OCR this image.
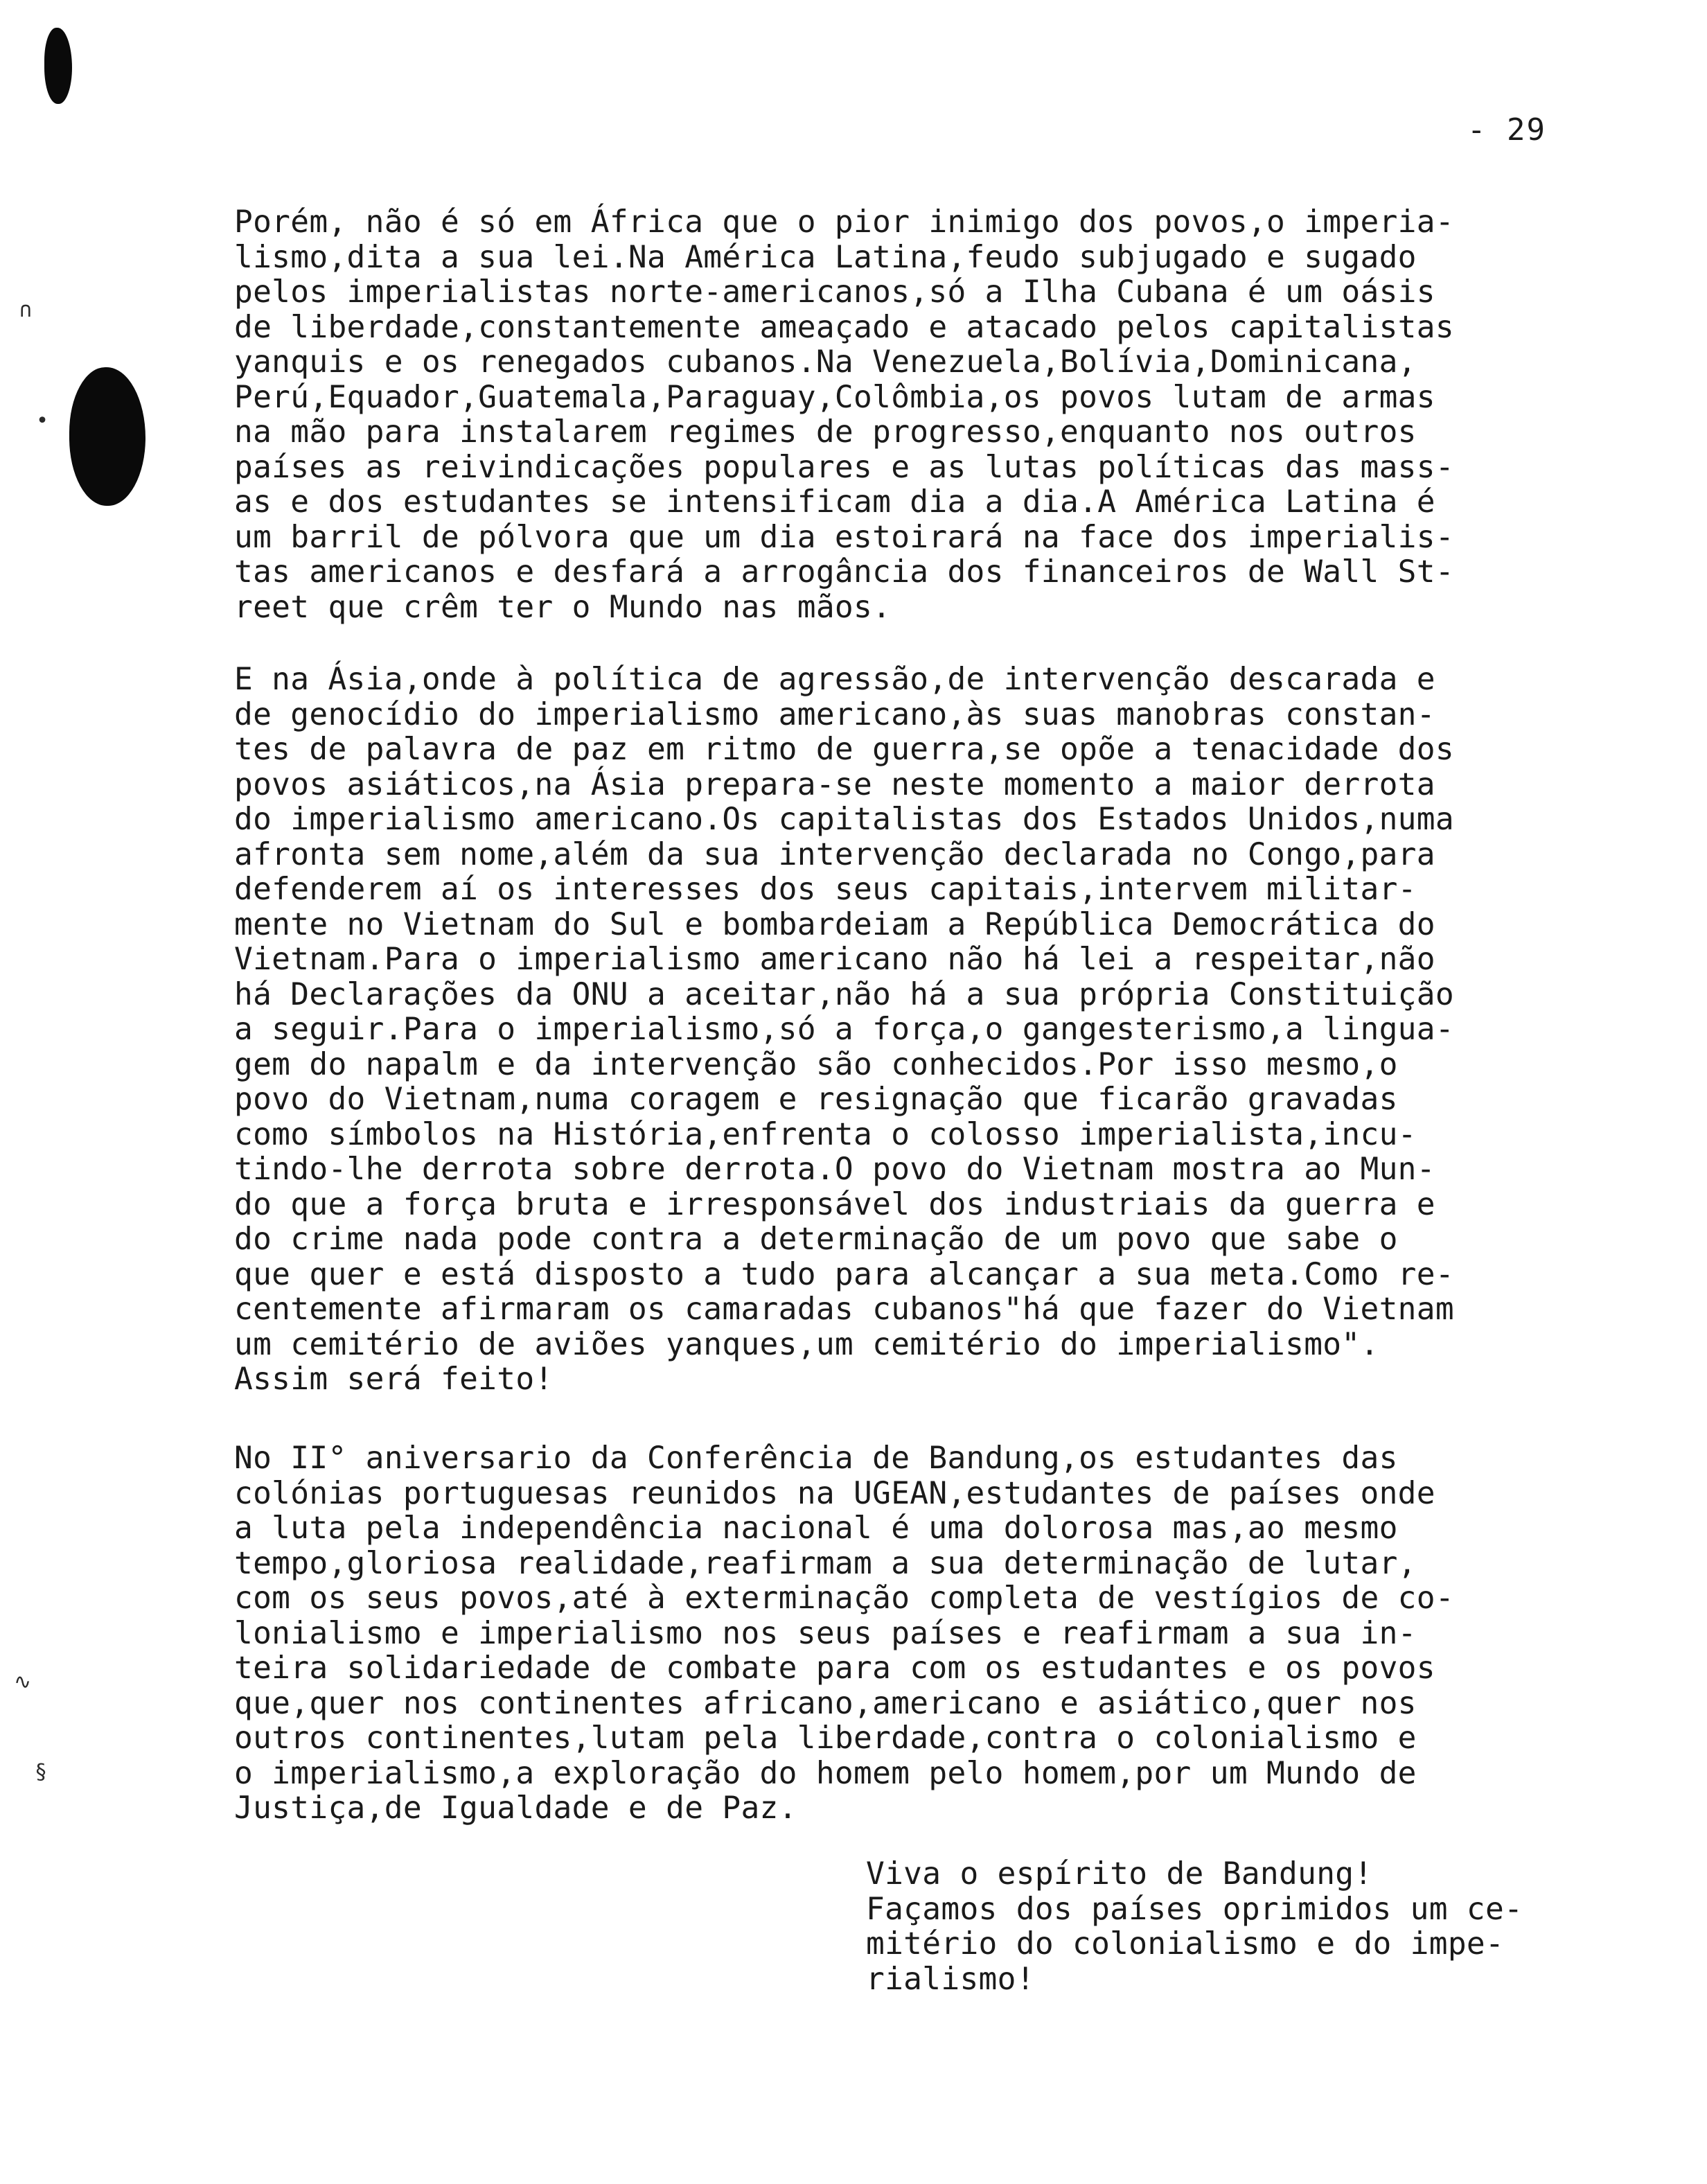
∩
•
∿
§
- 29
Porém, não é só em África que o pior inimigo dos povos,o imperia-
lismo,dita a sua lei.Na América Latina,feudo subjugado e sugado
pelos imperialistas norte-americanos,só a Ilha Cubana é um oásis
de liberdade,constantemente ameaçado e atacado pelos capitalistas
yanquis e os renegados cubanos.Na Venezuela,Bolívia,Dominicana,
Perú,Equador,Guatemala,Paraguay,Colômbia,os povos lutam de armas
na mão para instalarem regimes de progresso,enquanto nos outros
países as reivindicações populares e as lutas políticas das mass-
as e dos estudantes se intensificam dia a dia.A América Latina é
um barril de pólvora que um dia estoirará na face dos imperialis-
tas americanos e desfará a arrogância dos financeiros de Wall St-
reet que crêm ter o Mundo nas mãos.
E na Ásia,onde à política de agressão,de intervenção descarada e
de genocídio do imperialismo americano,às suas manobras constan-
tes de palavra de paz em ritmo de guerra,se opõe a tenacidade dos
povos asiáticos,na Ásia prepara-se neste momento a maior derrota
do imperialismo americano.Os capitalistas dos Estados Unidos,numa
afronta sem nome,além da sua intervenção declarada no Congo,para
defenderem aí os interesses dos seus capitais,intervem militar-
mente no Vietnam do Sul e bombardeiam a República Democrática do
Vietnam.Para o imperialismo americano não há lei a respeitar,não
há Declarações da ONU a aceitar,não há a sua própria Constituição
a seguir.Para o imperialismo,só a força,o gangesterismo,a lingua-
gem do napalm e da intervenção são conhecidos.Por isso mesmo,o
povo do Vietnam,numa coragem e resignação que ficarão gravadas
como símbolos na História,enfrenta o colosso imperialista,incu-
tindo-lhe derrota sobre derrota.O povo do Vietnam mostra ao Mun-
do que a força bruta e irresponsável dos industriais da guerra e
do crime nada pode contra a determinação de um povo que sabe o
que quer e está disposto a tudo para alcançar a sua meta.Como re-
centemente afirmaram os camaradas cubanos"há que fazer do Vietnam
um cemitério de aviões yanques,um cemitério do imperialismo".
Assim será feito!
No II° aniversario da Conferência de Bandung,os estudantes das
colónias portuguesas reunidos na UGEAN,estudantes de países onde
a luta pela independência nacional é uma dolorosa mas,ao mesmo
tempo,gloriosa realidade,reafirmam a sua determinação de lutar,
com os seus povos,até à exterminação completa de vestígios de co-
lonialismo e imperialismo nos seus países e reafirmam a sua in-
teira solidariedade de combate para com os estudantes e os povos
que,quer nos continentes africano,americano e asiático,quer nos
outros continentes,lutam pela liberdade,contra o colonialismo e
o imperialismo,a exploração do homem pelo homem,por um Mundo de
Justiça,de Igualdade e de Paz.
Viva o espírito de Bandung!
Façamos dos países oprimidos um ce-
mitério do colonialismo e do impe-
rialismo!
